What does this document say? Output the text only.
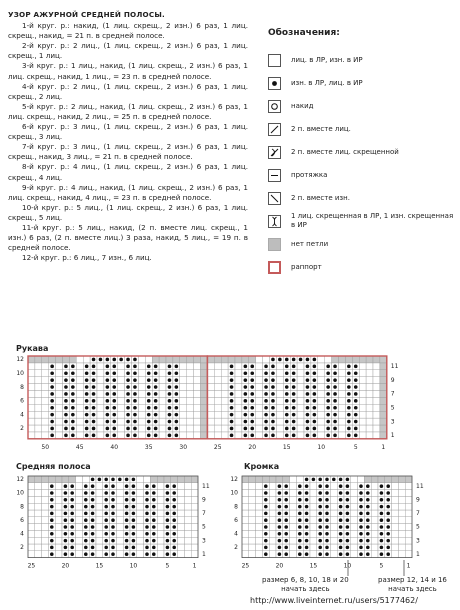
УЗОР АЖУРНОЙ СРЕДНЕЙ ПОЛОСЫ.

1-й круг. р.: накид, (1 лиц. скрещ., 2 изн.) 6 раз, 1 лиц. скрещ., накид, = 21 п. в средней полосе.

2-й круг. р.: 2 лиц., (1 лиц. скрещ., 2 изн.) 6 раз, 1 лиц. скрещ., 1 лиц.

3-й круг. р.: 1 лиц., накид, (1 лиц. скрещ., 2 изн.) 6 раз, 1 лиц. скрещ., накид, 1 лиц., = 23 п. в средней полосе.

4-й круг. р.: 2 лиц., (1 лиц. скрещ., 2 изн.) 6 раз, 1 лиц. скрещ., 2 лиц.

5-й круг. р.: 2 лиц., накид, (1 лиц. скрещ., 2 изн.) 6 раз, 1 лиц. скрещ., накид, 2 лиц., = 25 п. в средней полосе.

6-й круг. р.: 3 лиц., (1 лиц. скрещ., 2 изн.) 6 раз, 1 лиц. скрещ., 3 лиц.

7-й круг. р.: 3 лиц., (1 лиц. скрещ., 2 изн.) 6 раз, 1 лиц. скрещ., накид, 3 лиц., = 21 п. в средней полосе.

8-й круг. р.: 4 лиц., (1 лиц. скрещ., 2 изн.) 6 раз, 1 лиц. скрещ., 4 лиц.

9-й круг. р.: 4 лиц., накид, (1 лиц. скрещ., 2 изн.) 6 раз, 1 лиц. скрещ., накид, 4 лиц., = 23 п. в средней полосе.

10-й круг. р.: 5 лиц., (1 лиц. скрещ., 2 изн.) 6 раз, 1 лиц. скрещ., 5 лиц.

11-й круг. р.: 5 лиц., накид, (2 п. вместе лиц. скрещ., 1 изн.) 6 раз, (2 п. вместе лиц.) 3 раза, накид, 5 лиц., = 19 п. в средней полосе.

12-й круг. р.: 6 лиц., 7 изн., 6 лиц.

Обозначения:
лиц. в ЛР, изн. в ИР
изн. в ЛР, лиц. в ИР
накид
2 п. вместе лиц.
2 п. вместе лиц. скрещенной
протяжка
2 п. вместе изн.
1 лиц. скрещенная в ЛР, 1 изн. скрещенная в ИР
нет петли
раппорт
Рукава
Средняя полоса	Кромка
12
10
8
6
4
2
11
9
7
5
3
1
50	45	40	35	30	25	20	15	10	5	1
12
10
8
6
4
2
11
9
7
5
3
1
25	20	15	10	5	1
12
10
8
6
4
2
11
9
7
5
3
1
25	20	15	10	5	1
размер 6, 8, 10, 18 и 20
начать здесь
размер 12, 14 и 16
начать здесь
http://www.liveinternet.ru/users/5177462/
